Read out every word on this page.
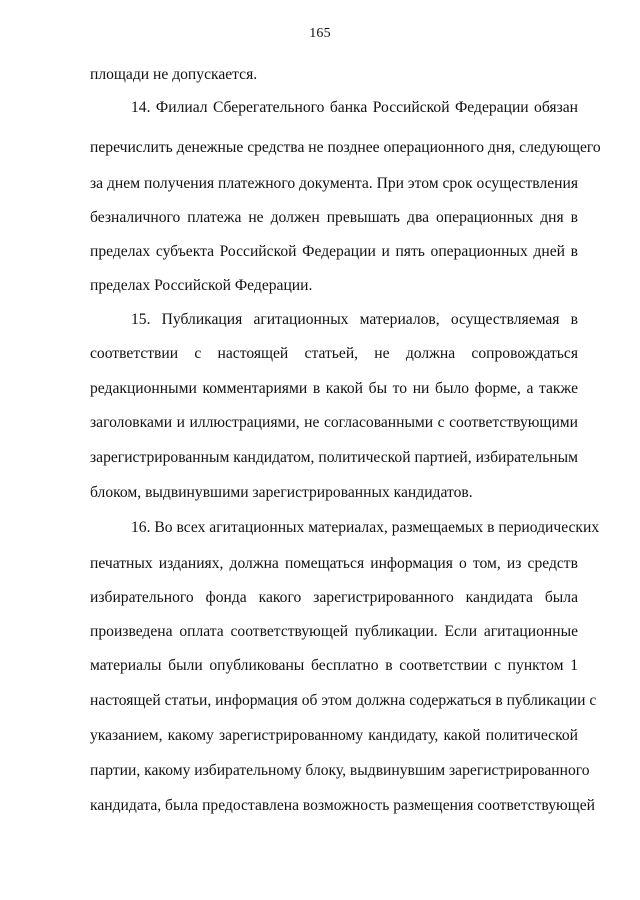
165
площади не допускается.
14. Филиал Сберегательного банка Российской Федерации обязан
перечислить денежные средства не позднее операционного дня, следующего
за днем получения платежного документа. При этом срок осуществления
безналичного платежа не должен превышать два операционных дня в
пределах субъекта Российской Федерации и пять операционных дней в
пределах Российской Федерации.
15. Публикация агитационных материалов, осуществляемая в
соответствии с настоящей статьей, не должна сопровождаться
редакционными комментариями в какой бы то ни было форме, а также
заголовками и иллюстрациями, не согласованными с соответствующими
зарегистрированным кандидатом, политической партией, избирательным
блоком, выдвинувшими зарегистрированных кандидатов.
16. Во всех агитационных материалах, размещаемых в периодических
печатных изданиях, должна помещаться информация о том, из средств
избирательного фонда какого зарегистрированного кандидата была
произведена оплата соответствующей публикации. Если агитационные
материалы были опубликованы бесплатно в соответствии с пунктом 1
настоящей статьи, информация об этом должна содержаться в публикации с
указанием, какому зарегистрированному кандидату, какой политической
партии, какому избирательному блоку, выдвинувшим зарегистрированного
кандидата, была предоставлена возможность размещения соответствующей
